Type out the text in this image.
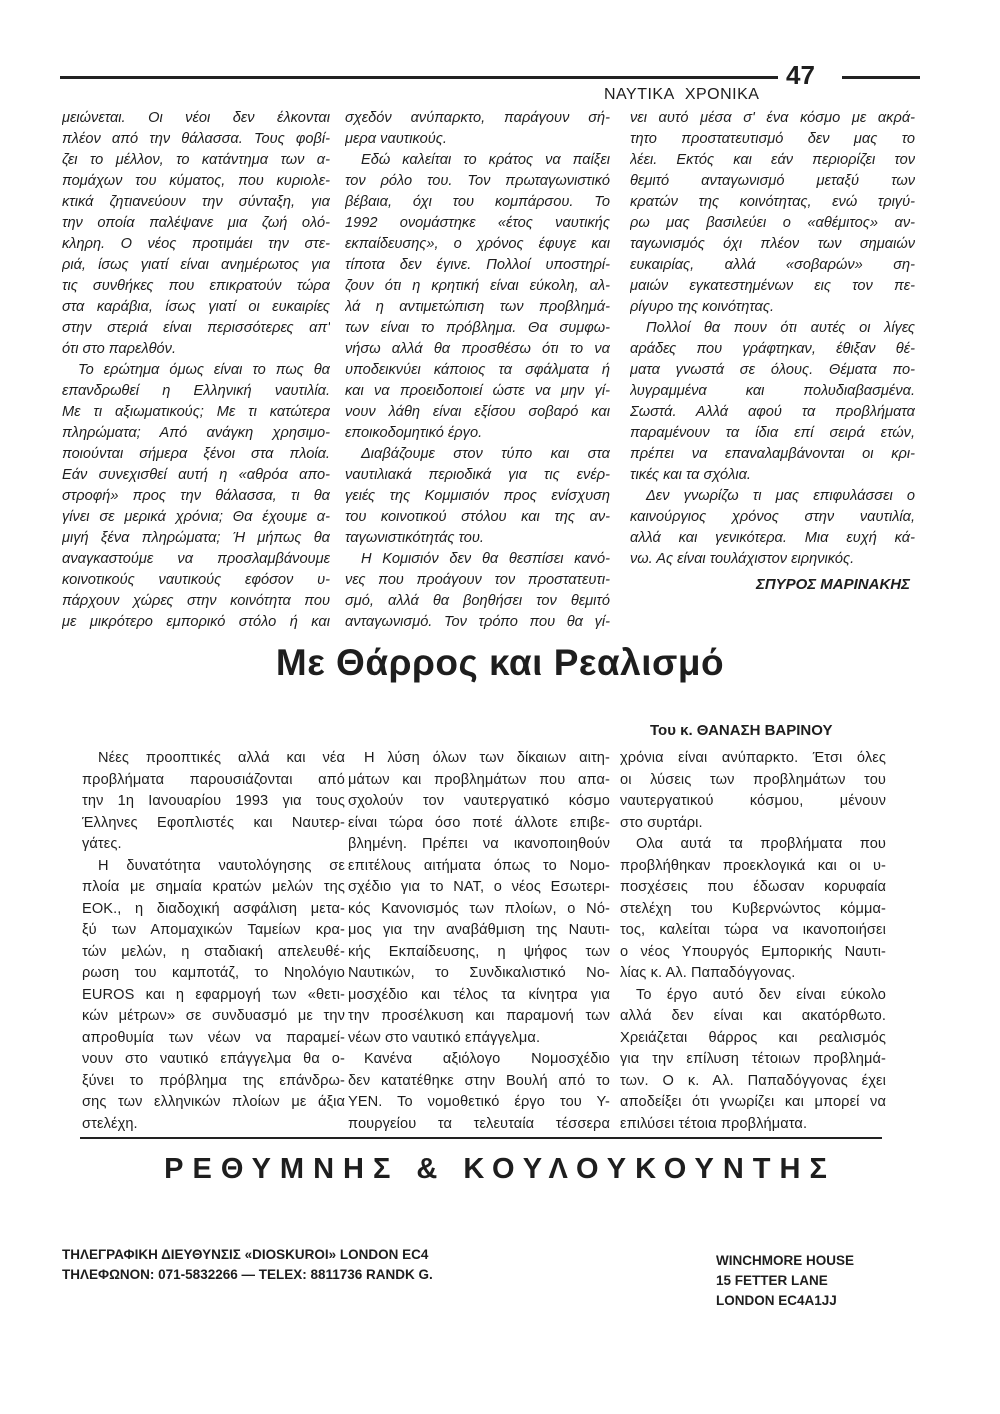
47
ΝΑΥΤΙΚΑ ΧΡΟΝΙΚΑ
μειώνεται. Οι νέοι δεν έλκονται
πλέον από την θάλασσα. Τους φοβί-
ζει το μέλλον, το κατάντημα των α-
πομάχων του κύματος, που κυριολε-
κτικά ζητιανεύουν την σύνταξη, για
την οποία παλέψανε μια ζωή ολό-
κληρη. Ο νέος προτιμάει την στε-
ριά, ίσως γιατί είναι ανημέρωτος για
τις συνθήκες που επικρατούν τώρα
στα καράβια, ίσως γιατί οι ευκαιρίες
στην στεριά είναι περισσότερες απ'
ότι στο παρελθόν.
Το ερώτημα όμως είναι το πως θα
επανδρωθεί η Ελληνική ναυτιλία.
Με τι αξιωματικούς; Με τι κατώτερα
πληρώματα; Από ανάγκη χρησιμο-
ποιούνται σήμερα ξένοι στα πλοία.
Εάν συνεχισθεί αυτή η «αθρόα απο-
στροφή» προς την θάλασσα, τι θα
γίνει σε μερικά χρόνια; Θα έχουμε α-
μιγή ξένα πληρώματα; Ή μήπως θα
αναγκαστούμε να προσλαμβάνουμε
κοινοτικούς ναυτικούς εφόσον υ-
πάρχουν χώρες στην κοινότητα που
με μικρότερο εμπορικό στόλο ή και
σχεδόν ανύπαρκτο, παράγουν σή-
μερα ναυτικούς.
Εδώ καλείται το κράτος να παίξει
τον ρόλο του. Τον πρωταγωνιστικό
βέβαια, όχι του κομπάρσου. Το
1992 ονομάστηκε «έτος ναυτικής
εκπαίδευσης», ο χρόνος έφυγε και
τίποτα δεν έγινε. Πολλοί υποστηρί-
ζουν ότι η κρητική είναι εύκολη, αλ-
λά η αντιμετώπιση των προβλημά-
των είναι το πρόβλημα. Θα συμφω-
νήσω αλλά θα προσθέσω ότι το να
υποδεικνύει κάποιος τα σφάλματα ή
και να προειδοποιεί ώστε να μην γί-
νουν λάθη είναι εξίσου σοβαρό και
εποικοδομητικό έργο.
Διαβάζουμε στον τύπο και στα
ναυτιλιακά περιοδικά για τις ενέρ-
γειές της Κομμισιόν προς ενίσχυση
του κοινοτικού στόλου και της αν-
ταγωνιστικότητάς του.
Η Κομισιόν δεν θα θεσπίσει κανό-
νες που προάγουν τον προστατευτι-
σμό, αλλά θα βοηθήσει τον θεμιτό
ανταγωνισμό. Τον τρόπο που θα γί-
νει αυτό μέσα σ' ένα κόσμο με ακρά-
τητο προστατευτισμό δεν μας το
λέει. Εκτός και εάν περιορίζει τον
θεμιτό ανταγωνισμό μεταξύ των
κρατών της κοινότητας, ενώ τριγύ-
ρω μας βασιλεύει ο «αθέμιτος» αν-
ταγωνισμός όχι πλέον των σημαιών
ευκαιρίας, αλλά «σοβαρών» ση-
μαιών εγκατεστημένων εις τον πε-
ρίγυρο της κοινότητας.
Πολλοί θα πουν ότι αυτές οι λίγες
αράδες που γράφτηκαν, έθιξαν θέ-
ματα γνωστά σε όλους. Θέματα πο-
λυγραμμένα και πολυδιαβασμένα.
Σωστά. Αλλά αφού τα προβλήματα
παραμένουν τα ίδια επί σειρά ετών,
πρέπει να επαναλαμβάνονται οι κρι-
τικές και τα σχόλια.
Δεν γνωρίζω τι μας επιφυλάσσει ο
καινούργιος χρόνος στην ναυτιλία,
αλλά και γενικότερα. Μια ευχή κά-
νω. Ας είναι τουλάχιστον ειρηνικός.
ΣΠΥΡΟΣ ΜΑΡΙΝΑΚΗΣ
Με Θάρρος και Ρεαλισμό
Του κ. ΘΑΝΑΣΗ ΒΑΡΙΝΟΥ
Νέες προοπτικές αλλά και νέα
προβλήματα παρουσιάζονται από
την 1η Ιανουαρίου 1993 για τους
Έλληνες Εφοπλιστές και Ναυτερ-
γάτες.
Η δυνατότητα ναυτολόγησης σε
πλοία με σημαία κρατών μελών της
ΕΟΚ., η διαδοχική ασφάλιση μετα-
ξύ των Απομαχικών Ταμείων κρα-
τών μελών, η σταδιακή απελευθέ-
ρωση του καμποτάζ, το Νηολόγιο
EUROS και η εφαρμογή των «θετι-
κών μέτρων» σε συνδυασμό με την
απροθυμία των νέων να παραμεί-
νουν στο ναυτικό επάγγελμα θα ο-
ξύνει το πρόβλημα της επάνδρω-
σης των ελληνικών πλοίων με άξια
στελέχη.
Η λύση όλων των δίκαιων αιτη-
μάτων και προβλημάτων που απα-
σχολούν τον ναυτεργατικό κόσμο
είναι τώρα όσο ποτέ άλλοτε επιβε-
βλημένη. Πρέπει να ικανοποιηθούν
επιτέλους αιτήματα όπως το Νομο-
σχέδιο για το ΝΑΤ, ο νέος Εσωτερι-
κός Κανονισμός των πλοίων, ο Νό-
μος για την αναβάθμιση της Ναυτι-
κής Εκπαίδευσης, η ψήφος των
Ναυτικών, το Συνδικαλιστικό Νο-
μοσχέδιο και τέλος τα κίνητρα για
την προσέλκυση και παραμονή των
νέων στο ναυτικό επάγγελμα.
Κανένα αξιόλογο Νομοσχέδιο
δεν κατατέθηκε στην Βουλή από το
ΥΕΝ. Το νομοθετικό έργο του Υ-
πουργείου τα τελευταία τέσσερα
χρόνια είναι ανύπαρκτο. Έτσι όλες
οι λύσεις των προβλημάτων του
ναυτεργατικού κόσμου, μένουν
στο συρτάρι.
Ολα αυτά τα προβλήματα που
προβλήθηκαν προεκλογικά και οι υ-
ποσχέσεις που έδωσαν κορυφαία
στελέχη του Κυβερνώντος κόμμα-
τος, καλείται τώρα να ικανοποιήσει
ο νέος Υπουργός Εμπορικής Ναυτι-
λίας κ. Αλ. Παπαδόγγονας.
Το έργο αυτό δεν είναι εύκολο
αλλά δεν είναι και ακατόρθωτο.
Χρειάζεται θάρρος και ρεαλισμός
για την επίλυση τέτοιων προβλημά-
των. Ο κ. Αλ. Παπαδόγγονας έχει
αποδείξει ότι γνωρίζει και μπορεί να
επιλύσει τέτοια προβλήματα.
ΡΕΘΥΜΝΗΣ & ΚΟΥΛΟΥΚΟΥΝΤΗΣ
ΤΗΛΕΓΡΑΦΙΚΗ ΔΙΕΥΘΥΝΣΙΣ «DIOSKUROI» LONDON EC4
ΤΗΛΕΦΩΝΟΝ: 071-5832266 — TELEX: 8811736 RANDK G.
WINCHMORE HOUSE
15 FETTER LANE
LONDON EC4A1JJ
